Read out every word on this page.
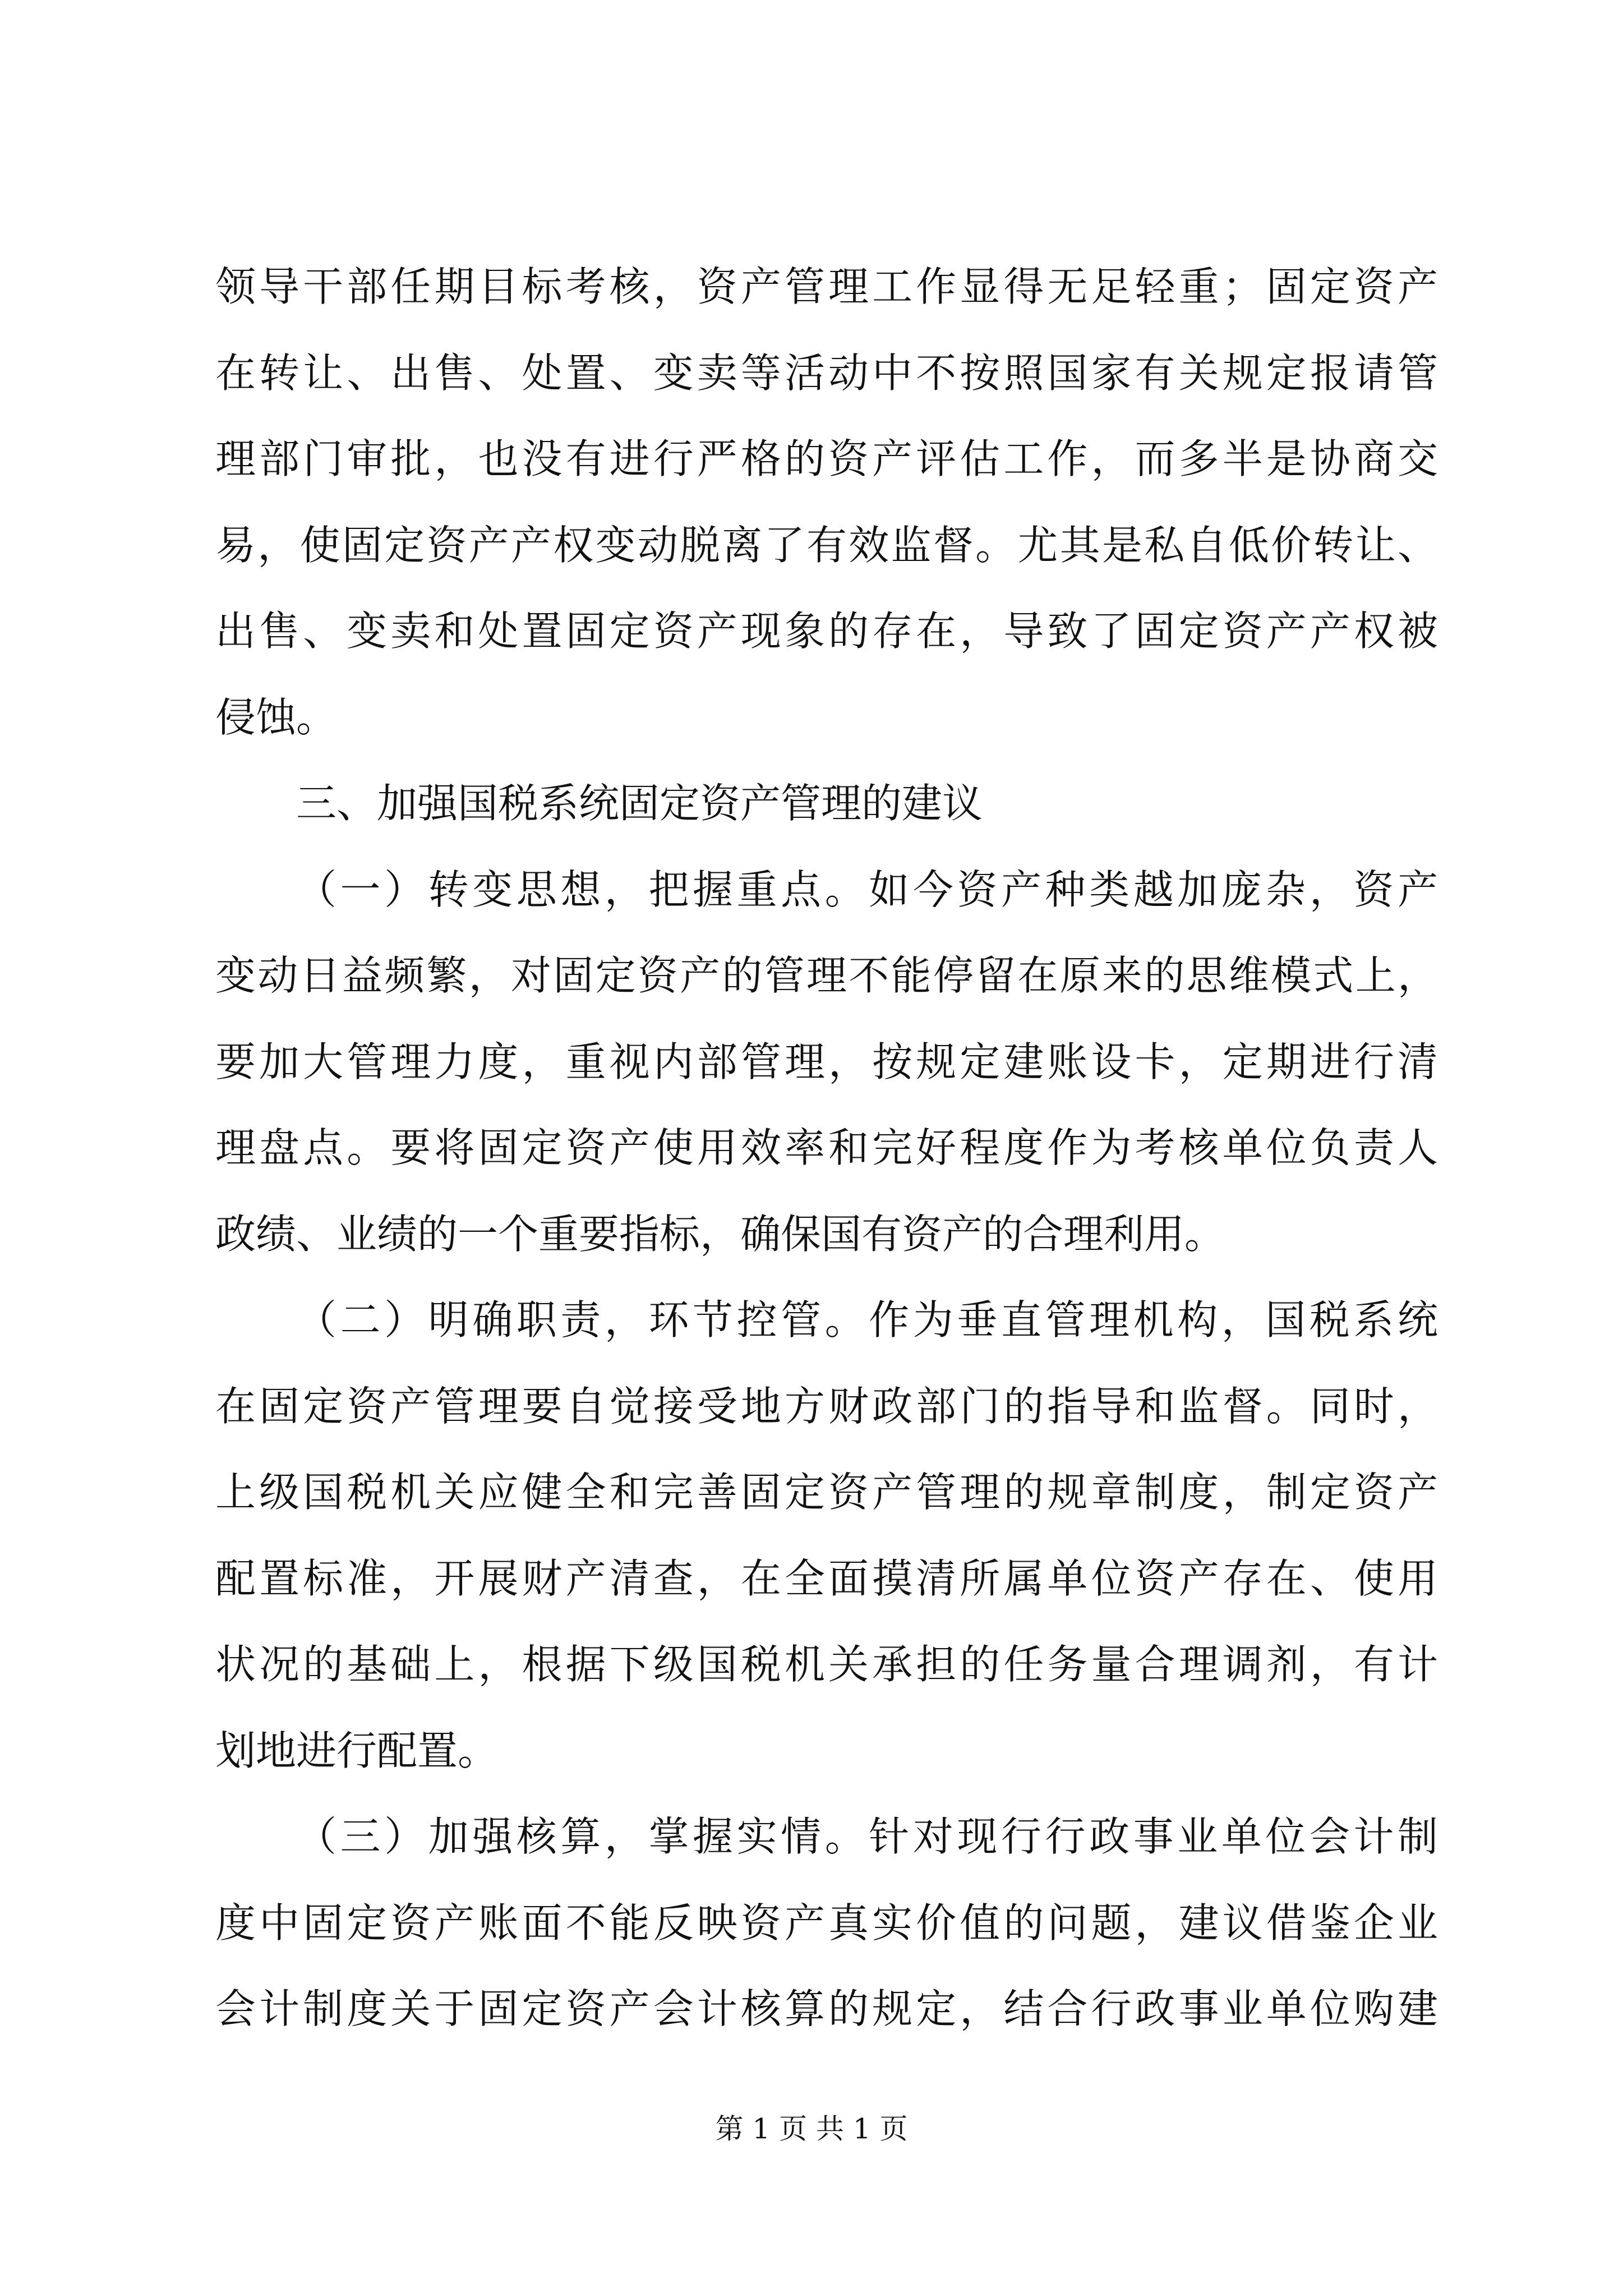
领导干部任期目标考核，资产管理工作显得无足轻重；固定资产
在转让、出售、处置、变卖等活动中不按照国家有关规定报请管
理部门审批，也没有进行严格的资产评估工作，而多半是协商交
易，使固定资产产权变动脱离了有效监督。尤其是私自低价转让、
出售、变卖和处置固定资产现象的存在，导致了固定资产产权被
侵蚀。
三、加强国税系统固定资产管理的建议
（一）转变思想，把握重点。如今资产种类越加庞杂，资产
变动日益频繁，对固定资产的管理不能停留在原来的思维模式上，
要加大管理力度，重视内部管理，按规定建账设卡，定期进行清
理盘点。要将固定资产使用效率和完好程度作为考核单位负责人
政绩、业绩的一个重要指标，确保国有资产的合理利用。
（二）明确职责，环节控管。作为垂直管理机构，国税系统
在固定资产管理要自觉接受地方财政部门的指导和监督。同时，
上级国税机关应健全和完善固定资产管理的规章制度，制定资产
配置标准，开展财产清查，在全面摸清所属单位资产存在、使用
状况的基础上，根据下级国税机关承担的任务量合理调剂，有计
划地进行配置。
（三）加强核算，掌握实情。针对现行行政事业单位会计制
度中固定资产账面不能反映资产真实价值的问题，建议借鉴企业
会计制度关于固定资产会计核算的规定，结合行政事业单位购建
第 1 页 共 1 页
